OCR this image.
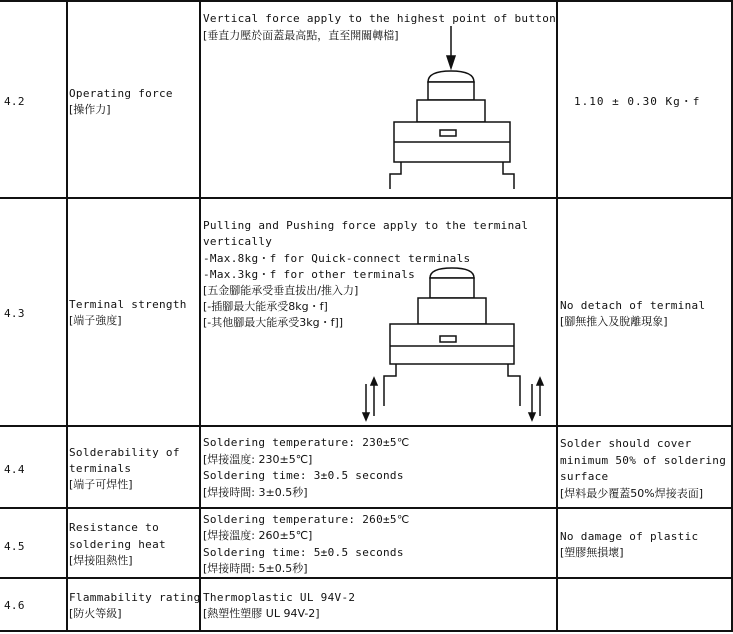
4.2
Operating force
[操作力]
Vertical force apply to the highest point of button
[垂直力壓於面蓋最高點，直至開關轉檔]
1.10 ± 0.30 Kg・f
4.3
Terminal strength
[端子強度]
Pulling and Pushing force apply to the terminal
vertically
-Max.8kg・f for Quick-connect terminals
-Max.3kg・f for other terminals
[五金腳能承受垂直拔出/推入力]
[-插腳最大能承受8kg・f]
[-其他腳最大能承受3kg・f]]
No detach of terminal
[腳無推入及脫離現象]
4.4
Solderability of
terminals
[端子可焊性]
Soldering temperature: 230±5℃
[焊接溫度: 230±5℃]
Soldering time: 3±0.5 seconds
[焊接時間: 3±0.5秒]
Solder should cover
minimum 50% of soldering
surface
[焊料最少覆蓋50%焊接表面]
4.5
Resistance to
soldering heat
[焊接阻熱性]
Soldering temperature: 260±5℃
[焊接溫度: 260±5℃]
Soldering time: 5±0.5 seconds
[焊接時間: 5±0.5秒]
No damage of plastic
[塑膠無損壞]
4.6
Flammability rating
[防火等級]
Thermoplastic UL 94V-2
[熱塑性塑膠 UL 94V-2]
